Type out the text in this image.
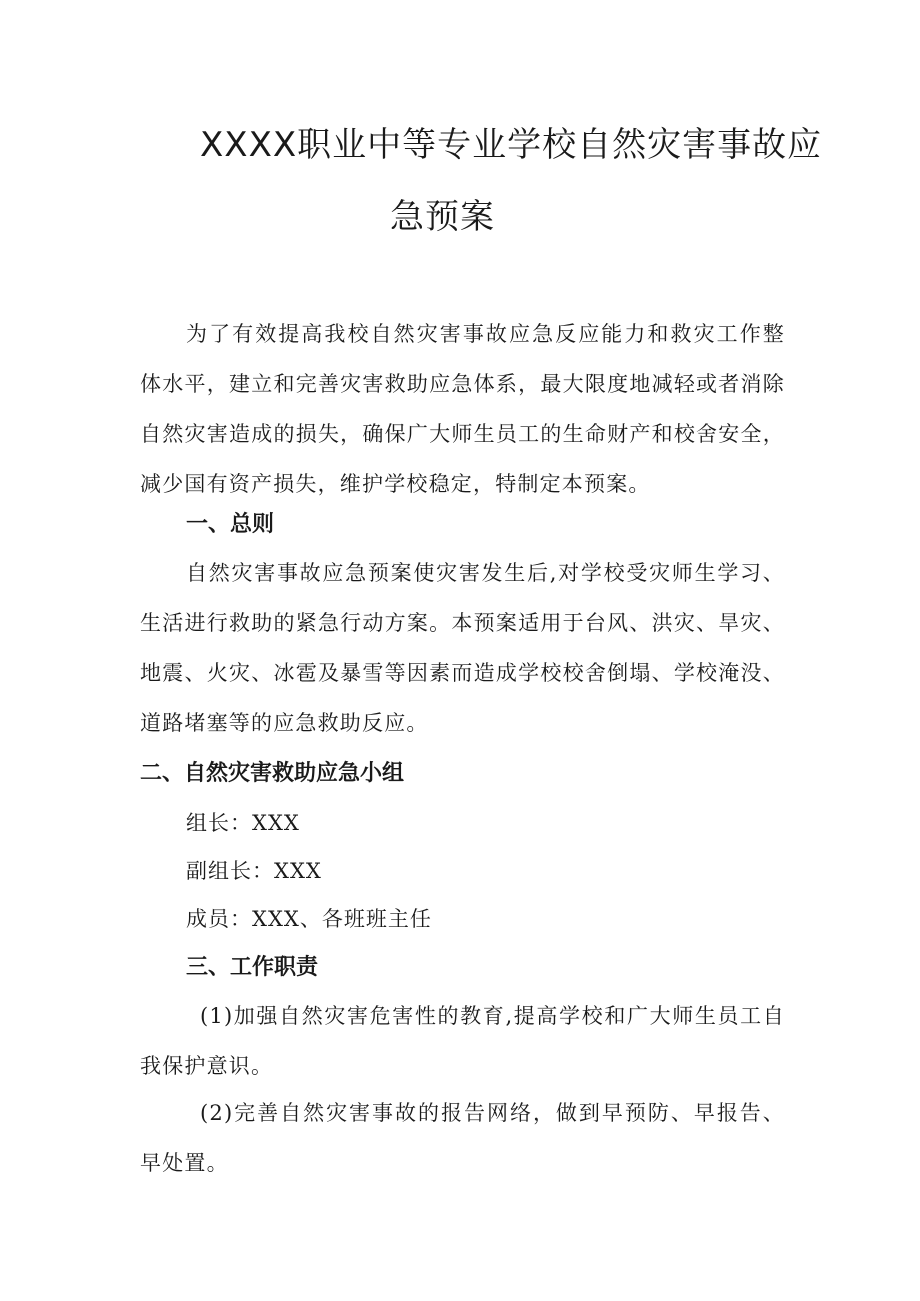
XXXX职业中等专业学校自然灾害事故应
急预案

为了有效提高我校自然灾害事故应急反应能力和救灾工作整体水平，建立和完善灾害救助应急体系，最大限度地减轻或者消除自然灾害造成的损失，确保广大师生员工的生命财产和校舍安全，减少国有资产损失，维护学校稳定，特制定本预案。

一、总则

自然灾害事故应急预案使灾害发生后,对学校受灾师生学习、生活进行救助的紧急行动方案。本预案适用于台风、洪灾、旱灾、地震、火灾、冰雹及暴雪等因素而造成学校校舍倒塌、学校淹没、道路堵塞等的应急救助反应。

二、自然灾害救助应急小组

组长：XXX

副组长：XXX

成员：XXX、各班班主任

三、工作职责

(1)加强自然灾害危害性的教育,提高学校和广大师生员工自我保护意识。

(2)完善自然灾害事故的报告网络，做到早预防、早报告、早处置。
